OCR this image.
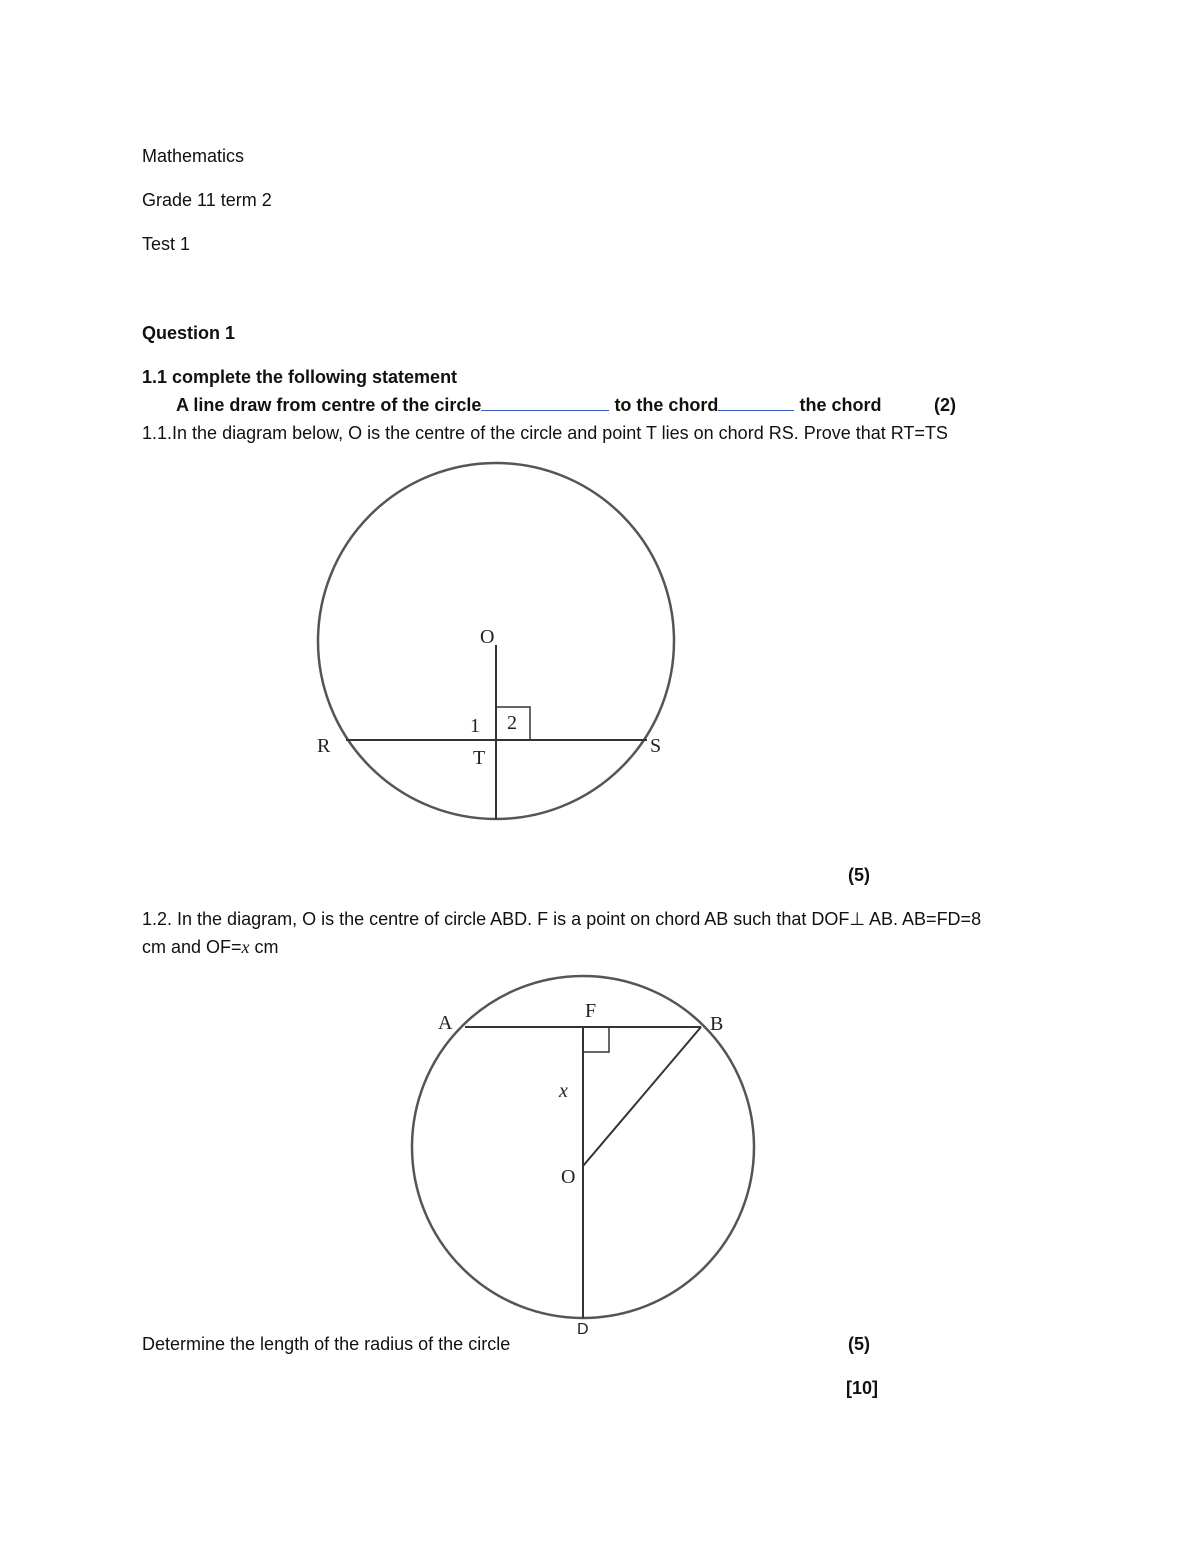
Mathematics
Grade 11 term 2
Test 1
Question 1
1.1 complete the following statement
A line draw from centre of the circle	to the chord	the chord	(2)
1.1.In the diagram below, O is the centre of the circle and point T lies on chord RS. Prove that RT=TS
O
R	S
T
1 2
(5)
1.2. In the diagram, O is the centre of circle ABD. F is a point on chord AB such that DOF⊥ AB. AB=FD=8
cm and OF=x cm
A	B
F
O
x
D
Determine the length of the radius of the circle	(5)
[10]
